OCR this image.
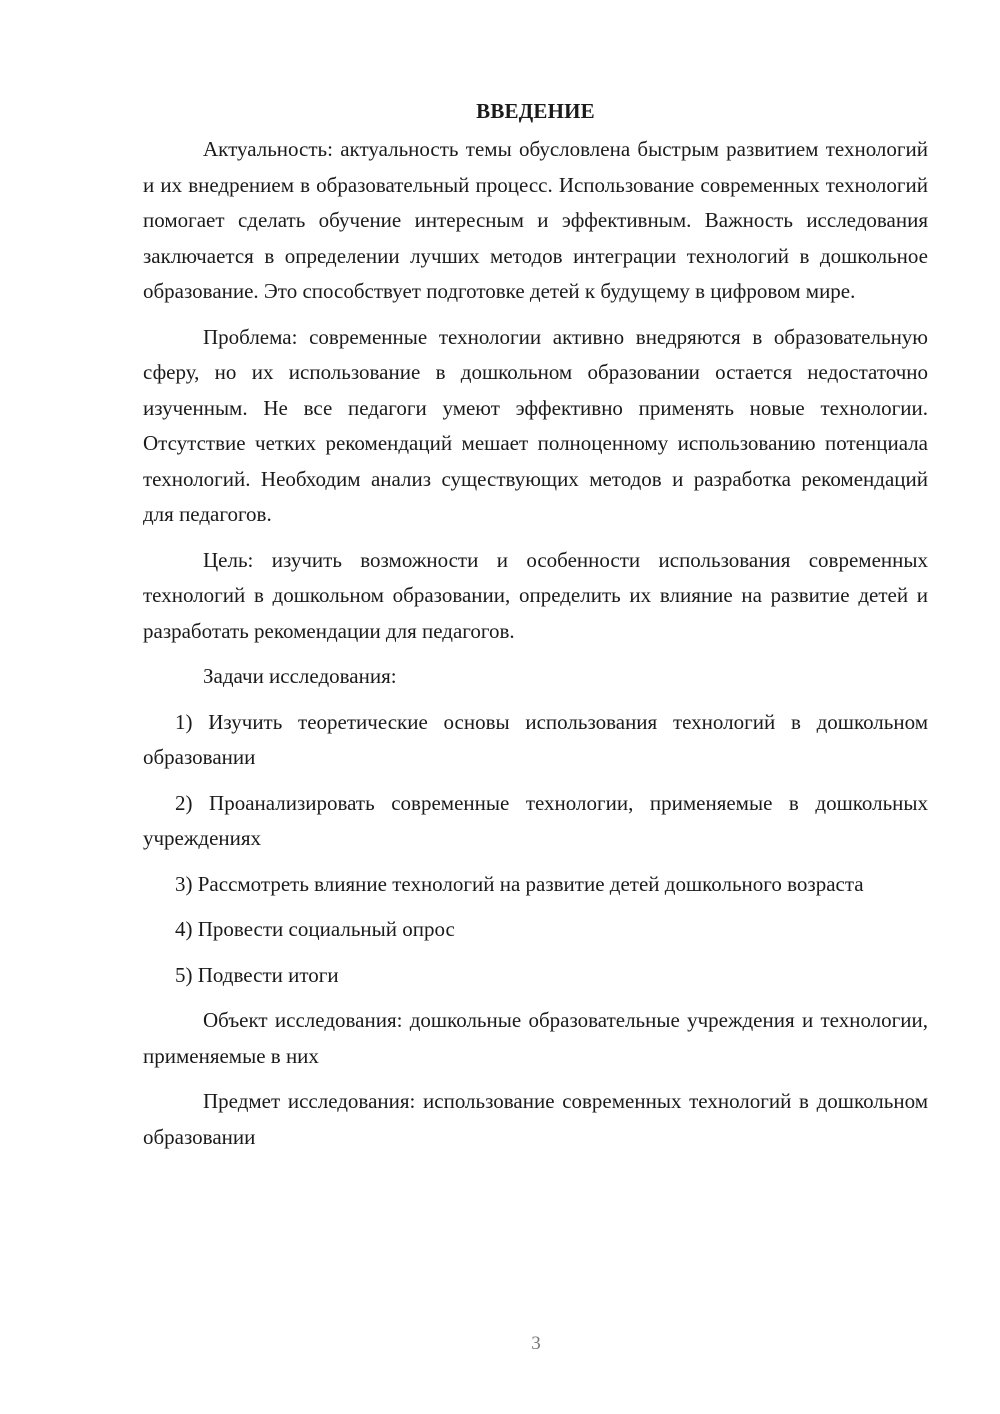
ВВЕДЕНИЕ

Актуальность: актуальность темы обусловлена быстрым развитием технологий и их внедрением в образовательный процесс. Использование современных технологий помогает сделать обучение интересным и эффективным. Важность исследования заключается в определении лучших методов интеграции технологий в дошкольное образование. Это способствует подготовке детей к будущему в цифровом мире.

Проблема: современные технологии активно внедряются в образовательную сферу, но их использование в дошкольном образовании остается недостаточно изученным. Не все педагоги умеют эффективно применять новые технологии. Отсутствие четких рекомендаций мешает полноценному использованию потенциала технологий. Необходим анализ существующих методов и разработка рекомендаций для педагогов.

Цель: изучить возможности и особенности использования современных технологий в дошкольном образовании, определить их влияние на развитие детей и разработать рекомендации для педагогов.

Задачи исследования:

1) Изучить теоретические основы использования технологий в дошкольном образовании

2) Проанализировать современные технологии, применяемые в дошкольных учреждениях

3) Рассмотреть влияние технологий на развитие детей дошкольного возраста

4) Провести социальный опрос

5) Подвести итоги

Объект исследования: дошкольные образовательные учреждения и технологии, применяемые в них

Предмет исследования: использование современных технологий в дошкольном образовании

3
